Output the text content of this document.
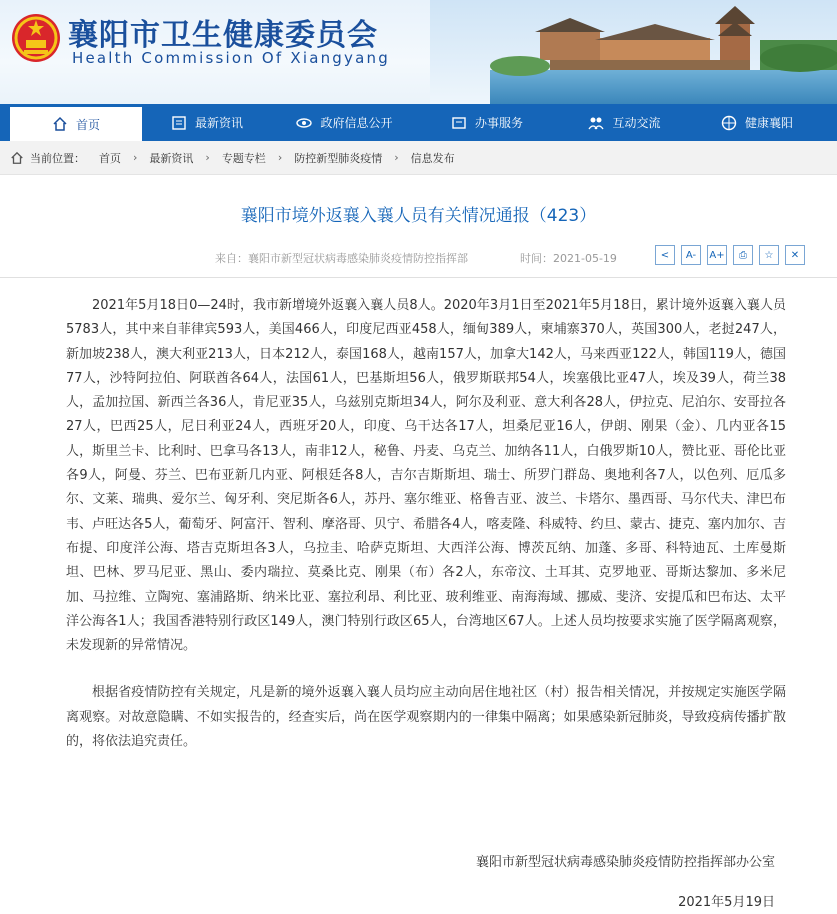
襄阳市卫生健康委员会
Health Commission Of Xiangyang
首页	最新资讯	政府信息公开	办事服务	互动交流	健康襄阳
当前位置： 首页 › 最新资讯 › 专题专栏 › 防控新型肺炎疫情 › 信息发布
襄阳市境外返襄入襄人员有关情况通报（423）
来自：襄阳市新型冠状病毒感染肺炎疫情防控指挥部	时间：2021-05-19	<	A-	A+	⎙	☆	✕

2021年5月18日0—24时，我市新增境外返襄入襄人员8人。2020年3月1日至2021年5月18日，累计境外返襄入襄人员5783人，其中来自菲律宾593人，美国466人，印度尼西亚458人，缅甸389人，柬埔寨370人，英国300人，老挝247人，新加坡238人，澳大利亚213人，日本212人，泰国168人，越南157人，加拿大142人，马来西亚122人，韩国119人，德国77人，沙特阿拉伯、阿联酋各64人，法国61人，巴基斯坦56人，俄罗斯联邦54人，埃塞俄比亚47人，埃及39人，荷兰38人，孟加拉国、新西兰各36人，肯尼亚35人，乌兹别克斯坦34人，阿尔及利亚、意大利各28人，伊拉克、尼泊尔、安哥拉各27人，巴西25人，尼日利亚24人，西班牙20人，印度、乌干达各17人，坦桑尼亚16人，伊朗、刚果（金）、几内亚各15人，斯里兰卡、比利时、巴拿马各13人，南非12人，秘鲁、丹麦、乌克兰、加纳各11人，白俄罗斯10人，赞比亚、哥伦比亚各9人，阿曼、芬兰、巴布亚新几内亚、阿根廷各8人，吉尔吉斯斯坦、瑞士、所罗门群岛、奥地利各7人，以色列、厄瓜多尔、文莱、瑞典、爱尔兰、匈牙利、突尼斯各6人，苏丹、塞尔维亚、格鲁吉亚、波兰、卡塔尔、墨西哥、马尔代夫、津巴布韦、卢旺达各5人，葡萄牙、阿富汗、智利、摩洛哥、贝宁、希腊各4人，喀麦隆、科威特、约旦、蒙古、捷克、塞内加尔、吉布提、印度洋公海、塔吉克斯坦各3人，乌拉圭、哈萨克斯坦、大西洋公海、博茨瓦纳、加蓬、多哥、科特迪瓦、土库曼斯坦、巴林、罗马尼亚、黑山、委内瑞拉、莫桑比克、刚果（布）各2人，东帝汶、土耳其、克罗地亚、哥斯达黎加、多米尼加、马拉维、立陶宛、塞浦路斯、纳米比亚、塞拉利昂、利比亚、玻利维亚、南海海域、挪威、斐济、安提瓜和巴布达、太平洋公海各1人；我国香港特别行政区149人，澳门特别行政区65人，台湾地区67人。上述人员均按要求实施了医学隔离观察，未发现新的异常情况。

根据省疫情防控有关规定，凡是新的境外返襄入襄人员均应主动向居住地社区（村）报告相关情况，并按规定实施医学隔离观察。对故意隐瞒、不如实报告的，经查实后，尚在医学观察期内的一律集中隔离；如果感染新冠肺炎，导致疫病传播扩散的，将依法追究责任。

襄阳市新型冠状病毒感染肺炎疫情防控指挥部办公室
2021年5月19日
